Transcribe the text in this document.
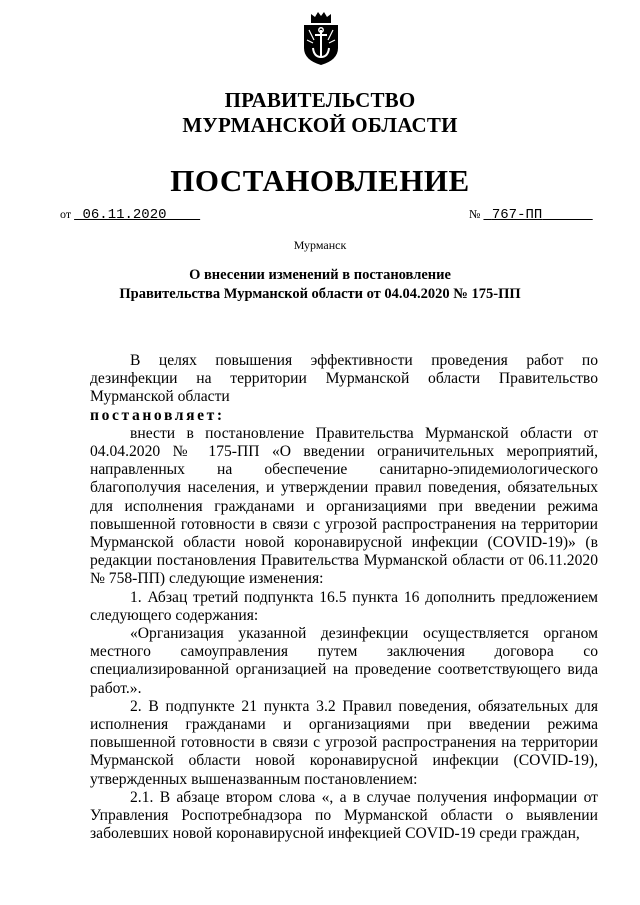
ПРАВИТЕЛЬСТВО
МУРМАНСКОЙ ОБЛАСТИ
ПОСТАНОВЛЕНИЕ
от 06.11.2020	№ 767-ПП
Мурманск
О внесении изменений в постановление
Правительства Мурманской области от 04.04.2020 № 175-ПП

В целях повышения эффективности проведения работ по дезинфекции на территории Мурманской области Правительство Мурманской области

постановляет:

внести в постановление Правительства Мурманской области от 04.04.2020 № 175-ПП «О введении ограничительных мероприятий, направленных на обеспечение санитарно-эпидемиологического благополучия населения, и утверждении правил поведения, обязательных для исполнения гражданами и организациями при введении режима повышенной готовности в связи с угрозой распространения на территории Мурманской области новой коронавирусной инфекции (COVID-19)» (в редакции постановления Правительства Мурманской области от 06.11.2020 № 758-ПП) следующие изменения:

1. Абзац третий подпункта 16.5 пункта 16 дополнить предложением следующего содержания:

«Организация указанной дезинфекции осуществляется органом местного самоуправления путем заключения договора со специализированной организацией на проведение соответствующего вида работ.».

2. В подпункте 21 пункта 3.2 Правил поведения, обязательных для исполнения гражданами и организациями при введении режима повышенной готовности в связи с угрозой распространения на территории Мурманской области новой коронавирусной инфекции (COVID-19), утвержденных вышеназванным постановлением:

2.1. В абзаце втором слова «, а в случае получения информации от Управления Роспотребнадзора по Мурманской области о выявлении заболевших новой коронавирусной инфекцией COVID-19 среди граждан,
